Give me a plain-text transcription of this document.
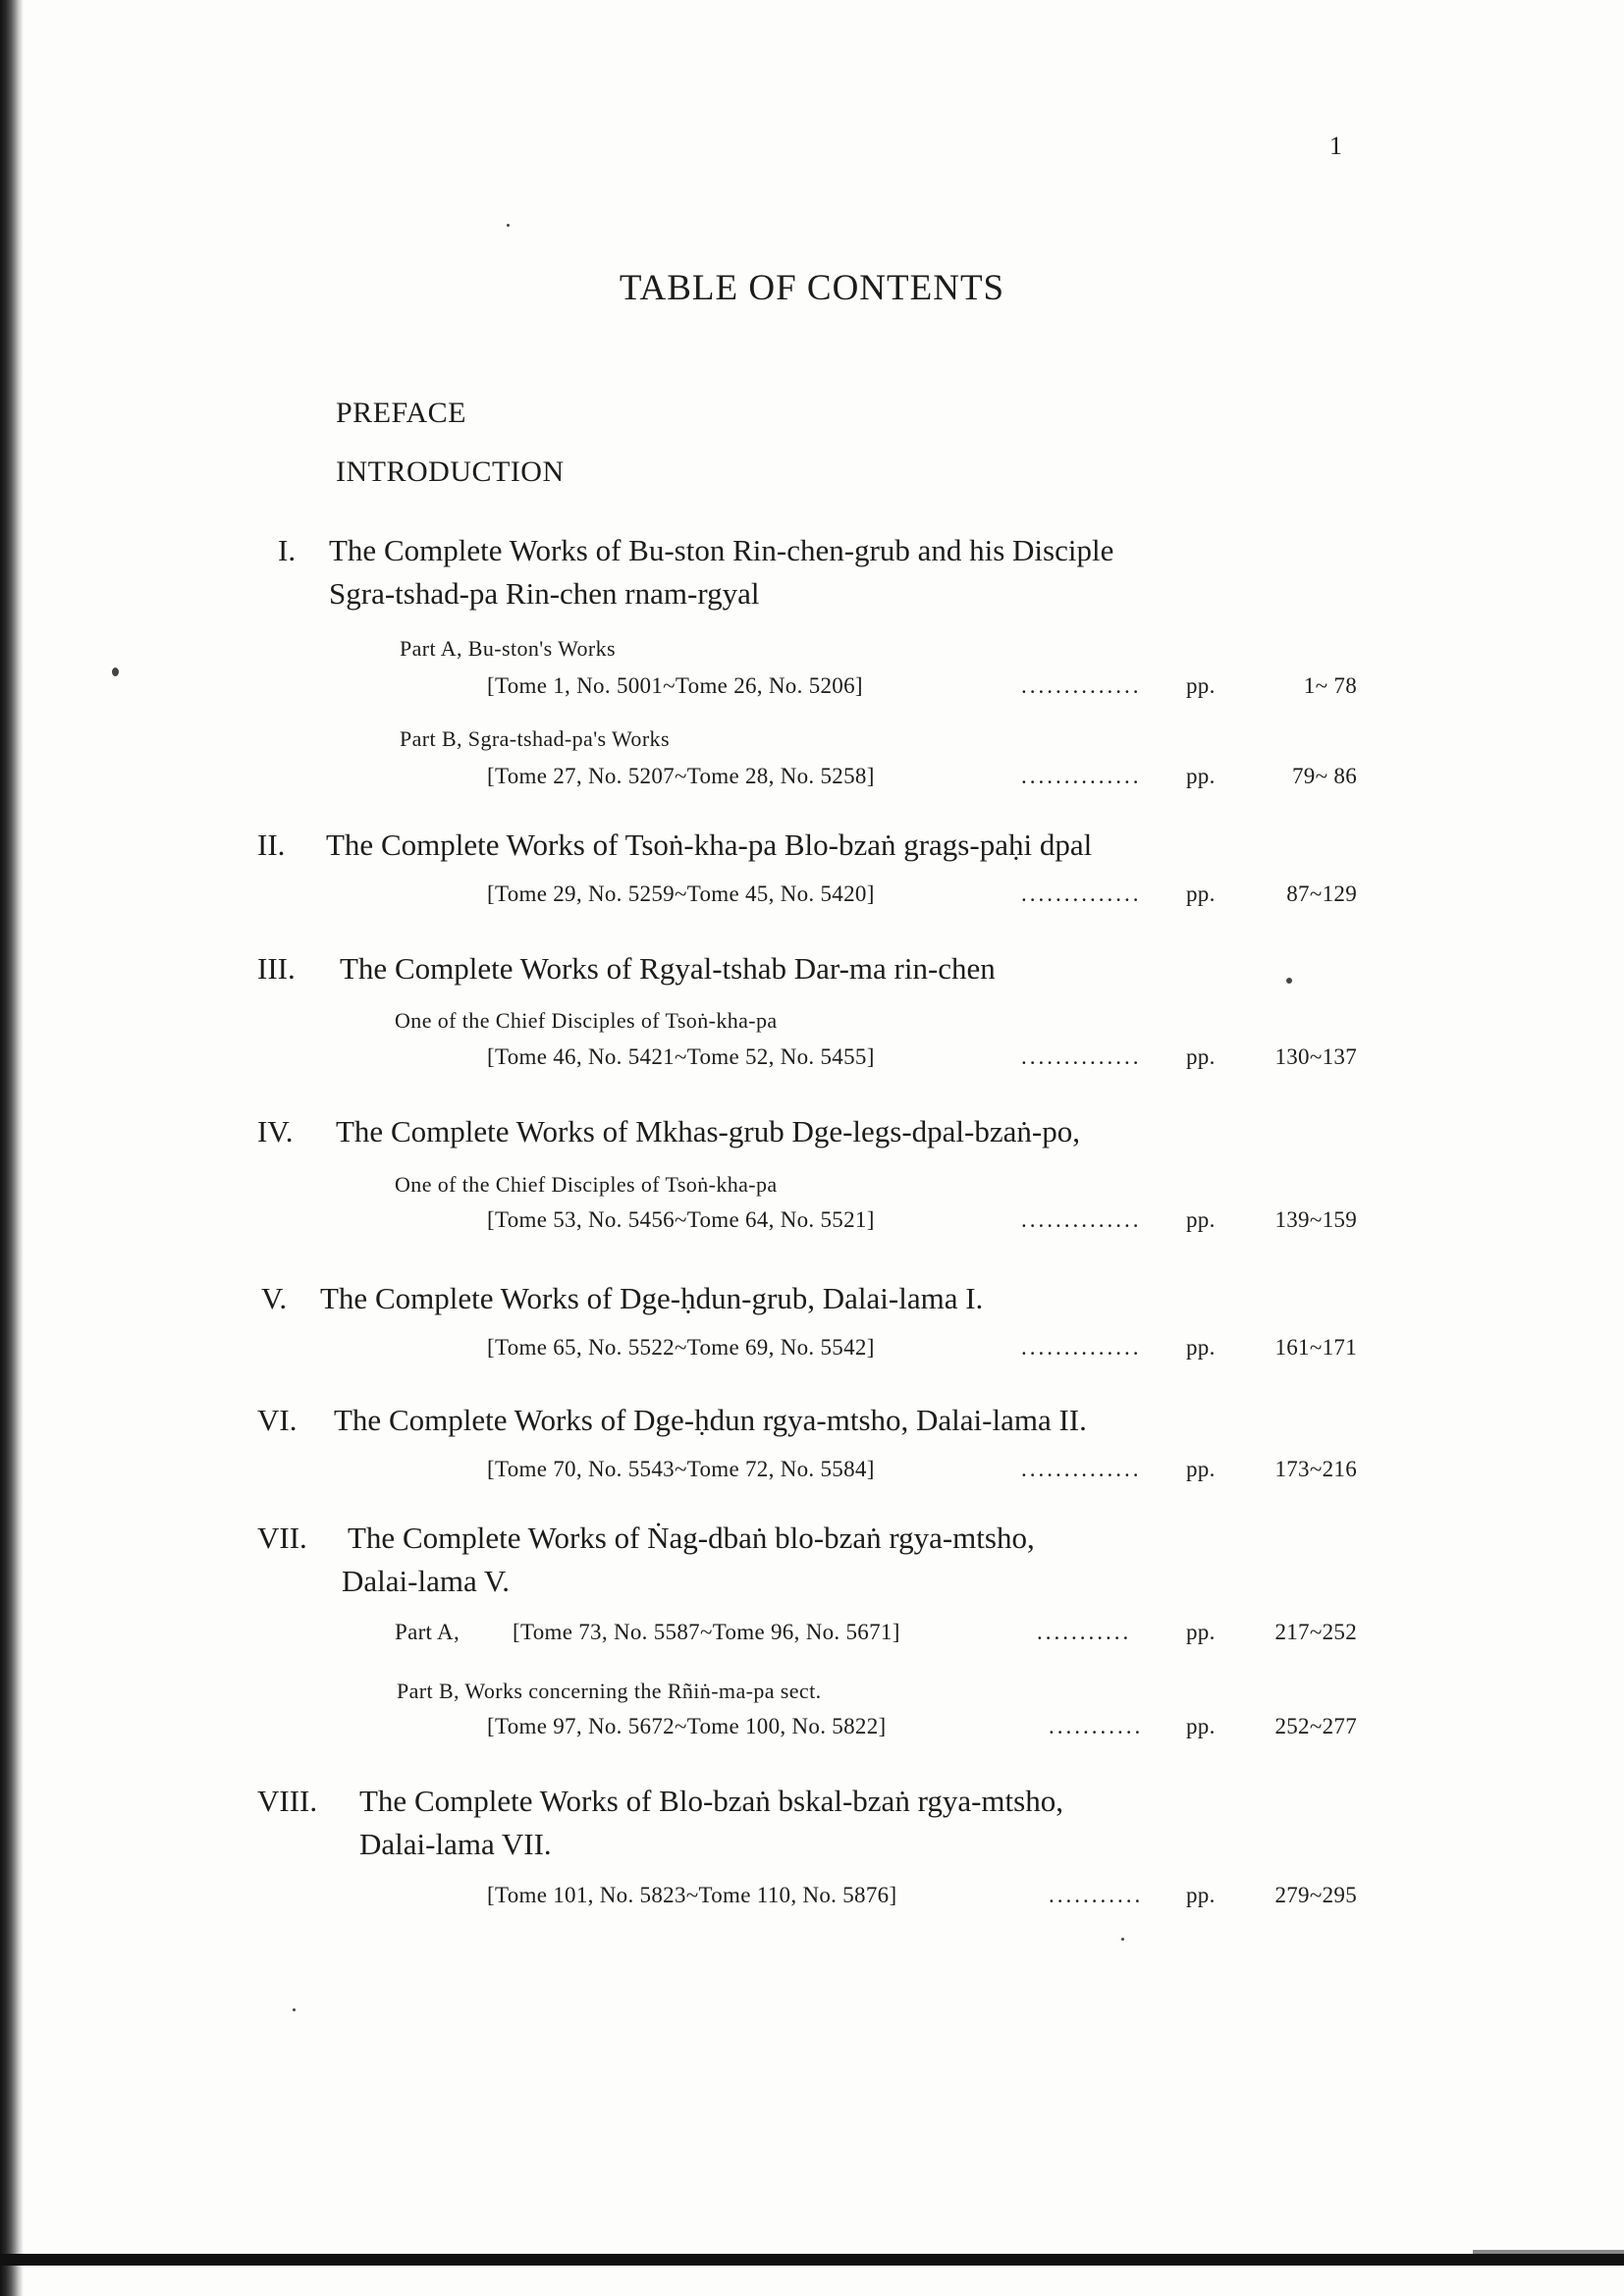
1
TABLE OF CONTENTS
PREFACE
INTRODUCTION
I. The Complete Works of Bu-ston Rin-chen-grub and his Disciple
Sgra-tshad-pa Rin-chen rnam-rgyal
Part A, Bu-ston's Works
[Tome 1, No. 5001~Tome 26, No. 5206]	.............. pp.	1~ 78
Part B, Sgra-tshad-pa's Works
[Tome 27, No. 5207~Tome 28, No. 5258]	.............. pp.	79~ 86
II. The Complete Works of Tsoṅ-kha-pa Blo-bzaṅ grags-paḥi dpal
[Tome 29, No. 5259~Tome 45, No. 5420]	.............. pp.	87~129
III. The Complete Works of Rgyal-tshab Dar-ma rin-chen
One of the Chief Disciples of Tsoṅ-kha-pa
[Tome 46, No. 5421~Tome 52, No. 5455]	.............. pp.	130~137
IV. The Complete Works of Mkhas-grub Dge-legs-dpal-bzaṅ-po,
One of the Chief Disciples of Tsoṅ-kha-pa
[Tome 53, No. 5456~Tome 64, No. 5521]	.............. pp.	139~159
V. The Complete Works of Dge-ḥdun-grub, Dalai-lama I.
[Tome 65, No. 5522~Tome 69, No. 5542]	.............. pp.	161~171
VI. The Complete Works of Dge-ḥdun rgya-mtsho, Dalai-lama II.
[Tome 70, No. 5543~Tome 72, No. 5584]	.............. pp.	173~216
VII. The Complete Works of Ṅag-dbaṅ blo-bzaṅ rgya-mtsho,
Dalai-lama V.
Part A, [Tome 73, No. 5587~Tome 96, No. 5671]	........... pp.	217~252
Part B, Works concerning the Rñiṅ-ma-pa sect.
[Tome 97, No. 5672~Tome 100, No. 5822]	........... pp.	252~277
VIII. The Complete Works of Blo-bzaṅ bskal-bzaṅ rgya-mtsho,
Dalai-lama VII.
[Tome 101, No. 5823~Tome 110, No. 5876]	........... pp.	279~295
